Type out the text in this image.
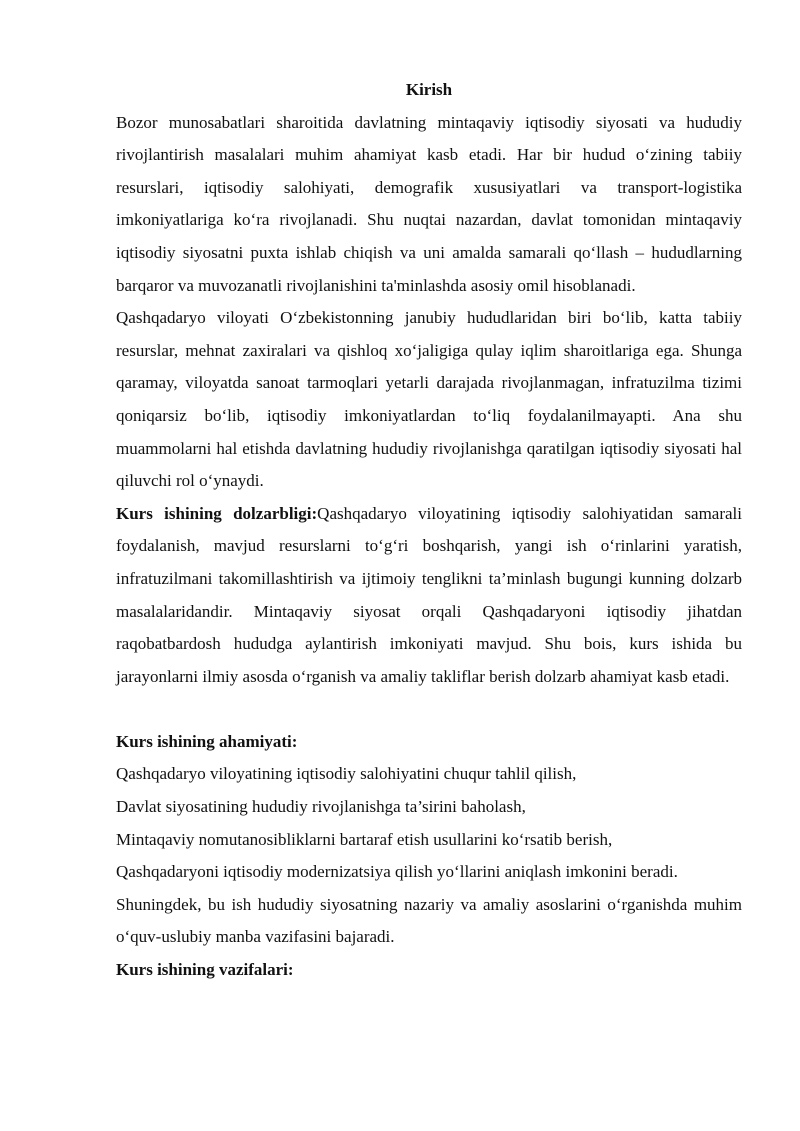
Kirish

Bozor munosabatlari sharoitida davlatning mintaqaviy iqtisodiy siyosati va hududiy rivojlantirish masalalari muhim ahamiyat kasb etadi. Har bir hudud o‘zining tabiiy resurslari, iqtisodiy salohiyati, demografik xususiyatlari va transport-logistika imkoniyatlariga ko‘ra rivojlanadi. Shu nuqtai nazardan, davlat tomonidan mintaqaviy iqtisodiy siyosatni puxta ishlab chiqish va uni amalda samarali qo‘llash – hududlarning barqaror va muvozanatli rivojlanishini ta'minlashda asosiy omil hisoblanadi.

Qashqadaryo viloyati O‘zbekistonning janubiy hududlaridan biri bo‘lib, katta tabiiy resurslar, mehnat zaxiralari va qishloq xo‘jaligiga qulay iqlim sharoitlariga ega. Shunga qaramay, viloyatda sanoat tarmoqlari yetarli darajada rivojlanmagan, infratuzilma tizimi qoniqarsiz bo‘lib, iqtisodiy imkoniyatlardan to‘liq foydalanilmayapti. Ana shu muammolarni hal etishda davlatning hududiy rivojlanishga qaratilgan iqtisodiy siyosati hal qiluvchi rol o‘ynaydi.

Kurs ishining dolzarbligi:Qashqadaryo viloyatining iqtisodiy salohiyatidan samarali foydalanish, mavjud resurslarni to‘g‘ri boshqarish, yangi ish o‘rinlarini yaratish, infratuzilmani takomillashtirish va ijtimoiy tenglikni ta’minlash bugungi kunning dolzarb masalalaridandir. Mintaqaviy siyosat orqali Qashqadaryoni iqtisodiy jihatdan raqobatbardosh hududga aylantirish imkoniyati mavjud. Shu bois, kurs ishida bu jarayonlarni ilmiy asosda o‘rganish va amaliy takliflar berish dolzarb ahamiyat kasb etadi.

Kurs ishining ahamiyati:

Qashqadaryo viloyatining iqtisodiy salohiyatini chuqur tahlil qilish,

Davlat siyosatining hududiy rivojlanishga ta’sirini baholash,

Mintaqaviy nomutanosibliklarni bartaraf etish usullarini ko‘rsatib berish,

Qashqadaryoni iqtisodiy modernizatsiya qilish yo‘llarini aniqlash imkonini beradi.

Shuningdek, bu ish hududiy siyosatning nazariy va amaliy asoslarini o‘rganishda muhim o‘quv-uslubiy manba vazifasini bajaradi.

Kurs ishining vazifalari:
